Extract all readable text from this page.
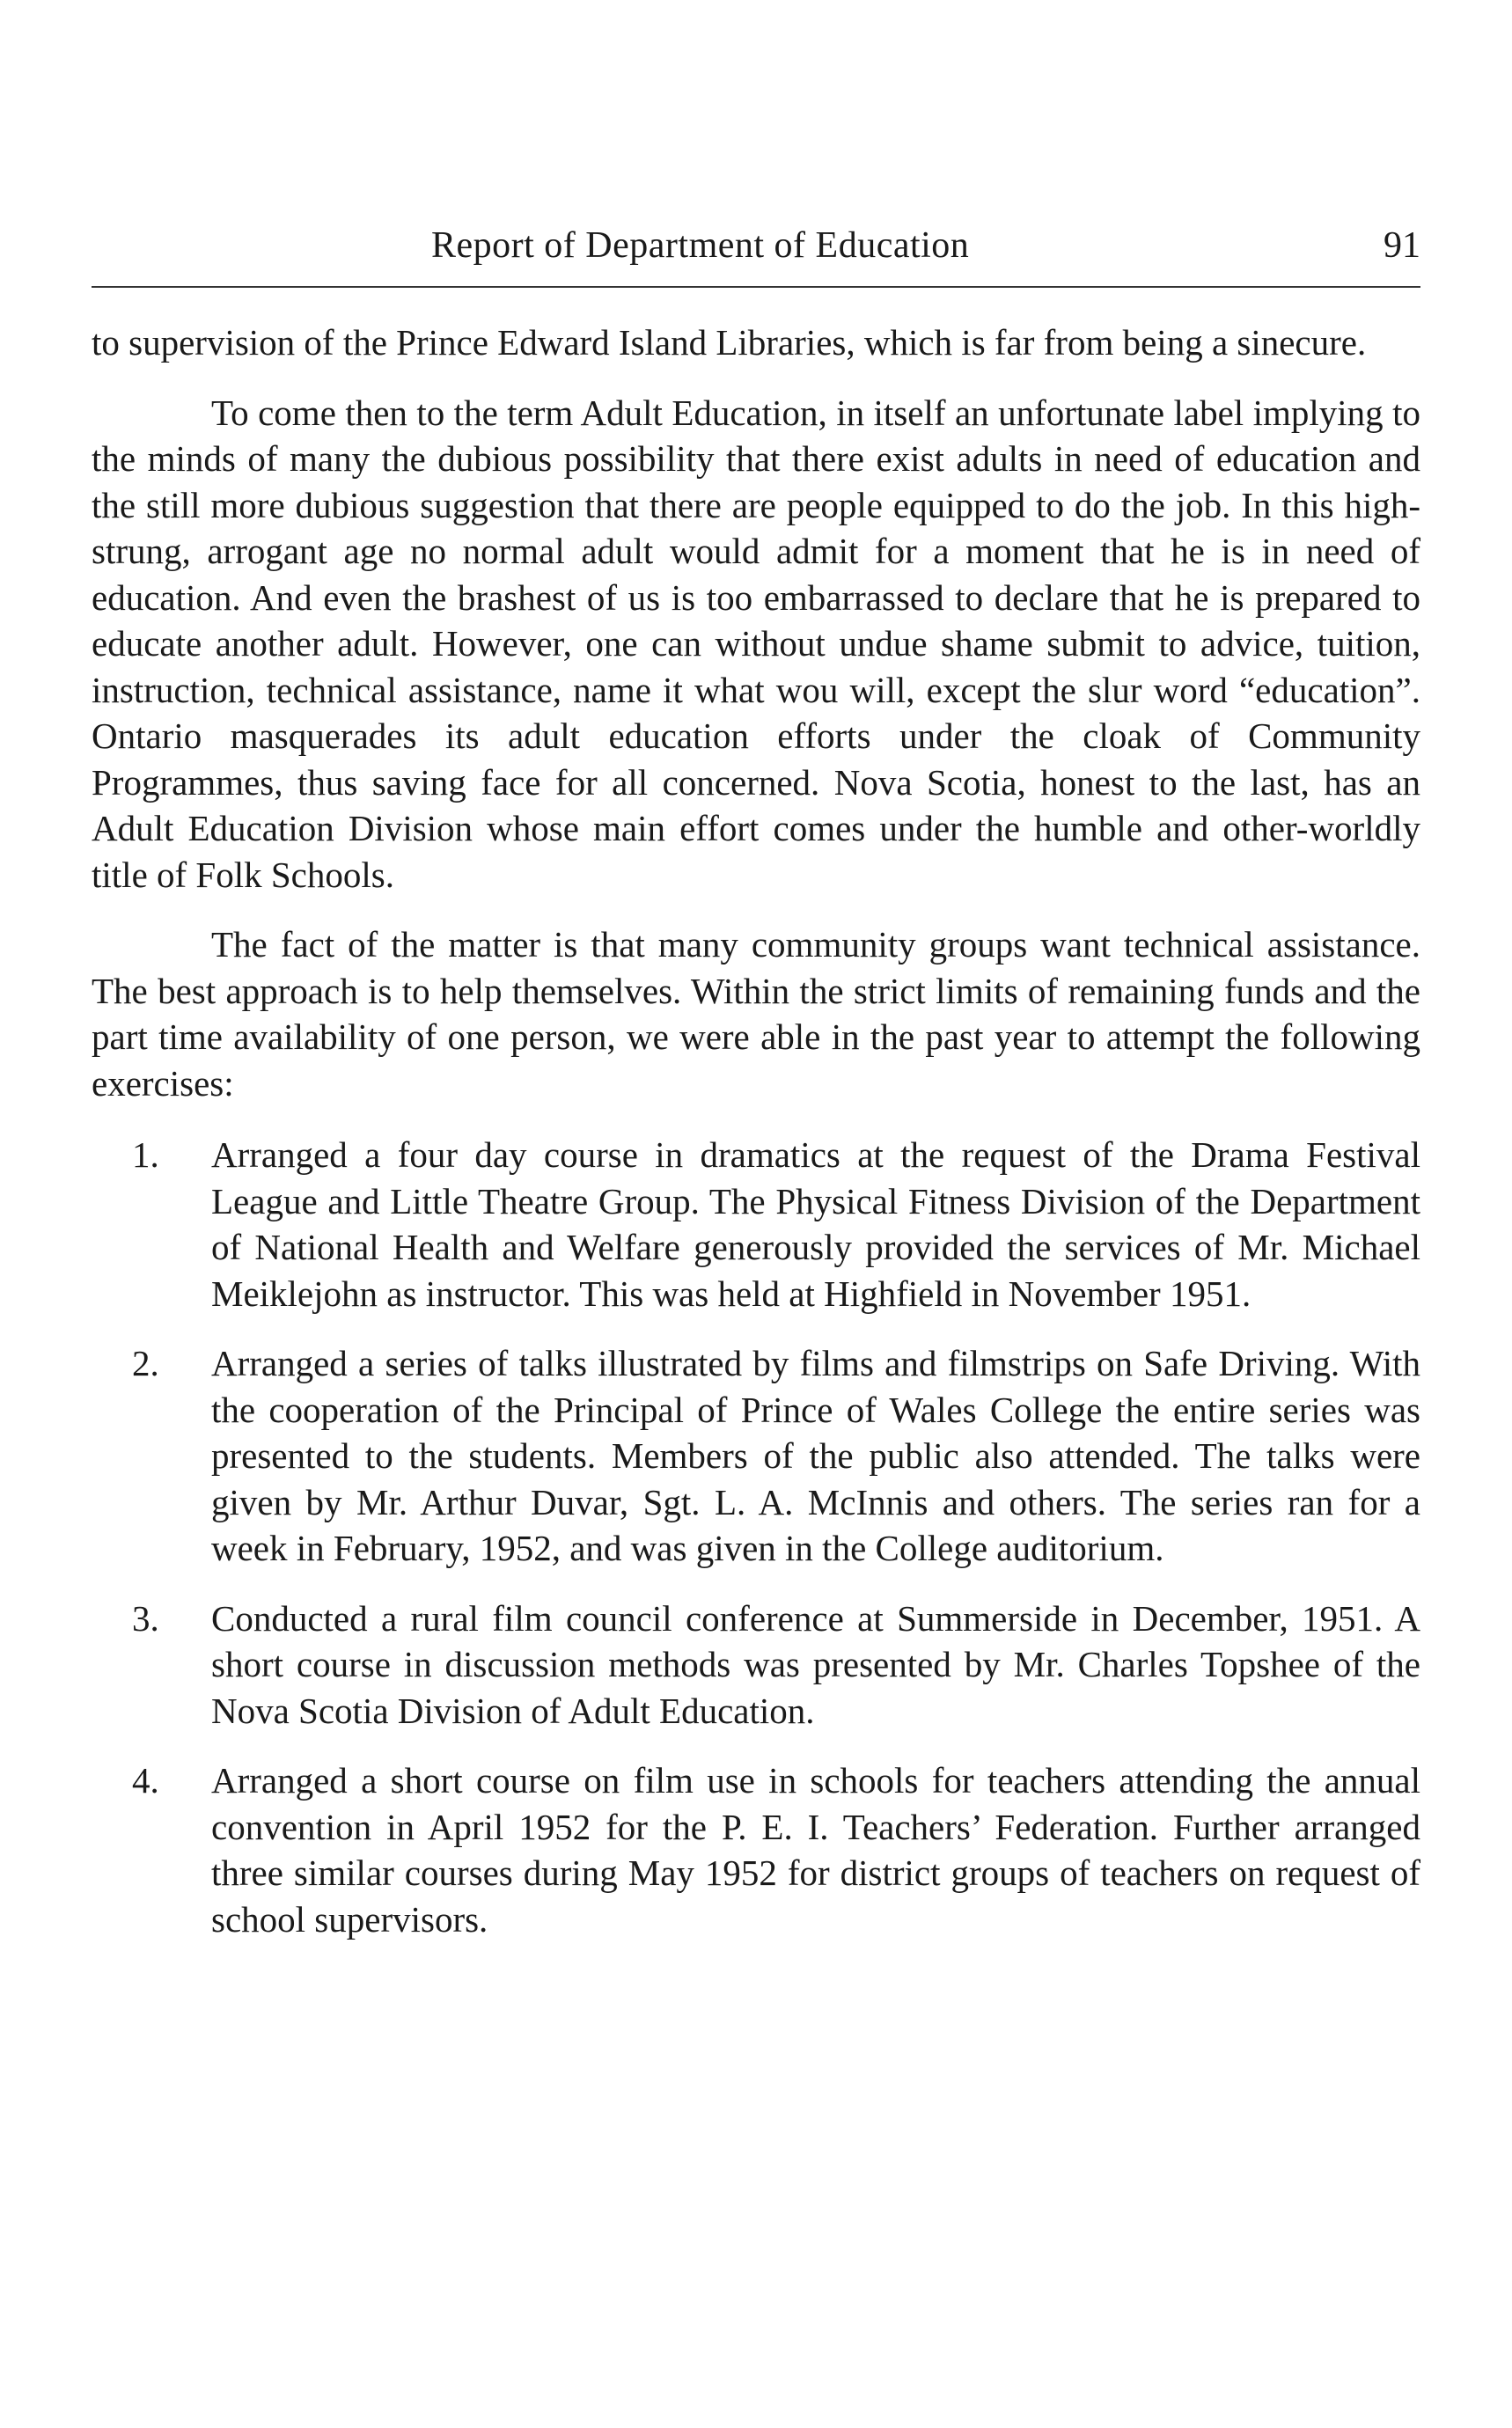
Report of Department of Education	91

to supervision of the Prince Edward Island Libraries, which is far from being a sinecure.

To come then to the term Adult Education, in itself an unfortunate label implying to the minds of many the dubious possibility that there exist adults in need of education and the still more dubious suggestion that there are people equipped to do the job. In this high-strung, arrogant age no normal adult would admit for a moment that he is in need of education. And even the brashest of us is too embarrassed to declare that he is prepared to educate another adult. However, one can without undue shame submit to advice, tuition, instruction, technical assistance, name it what wou will, except the slur word “education”. Ontario masquerades its adult education efforts under the cloak of Community Programmes, thus saving face for all concerned. Nova Scotia, honest to the last, has an Adult Education Division whose main effort comes under the humble and other-worldly title of Folk Schools.

The fact of the matter is that many community groups want technical assistance. The best approach is to help themselves. Within the strict limits of remaining funds and the part time availability of one person, we were able in the past year to attempt the following exercises:

1. Arranged a four day course in dramatics at the request of the Drama Festival League and Little Theatre Group. The Physical Fitness Division of the Department of National Health and Welfare generously provided the services of Mr. Michael Meiklejohn as instructor. This was held at Highfield in November 1951.

2. Arranged a series of talks illustrated by films and filmstrips on Safe Driving. With the cooperation of the Principal of Prince of Wales College the entire series was presented to the students. Members of the public also attended. The talks were given by Mr. Arthur Duvar, Sgt. L. A. McInnis and others. The series ran for a week in February, 1952, and was given in the College auditorium.

3. Conducted a rural film council conference at Summerside in December, 1951. A short course in discussion methods was presented by Mr. Charles Topshee of the Nova Scotia Division of Adult Education.

4. Arranged a short course on film use in schools for teachers attending the annual convention in April 1952 for the P. E. I. Teachers’ Federation. Further arranged three similar courses during May 1952 for district groups of teachers on request of school supervisors.
